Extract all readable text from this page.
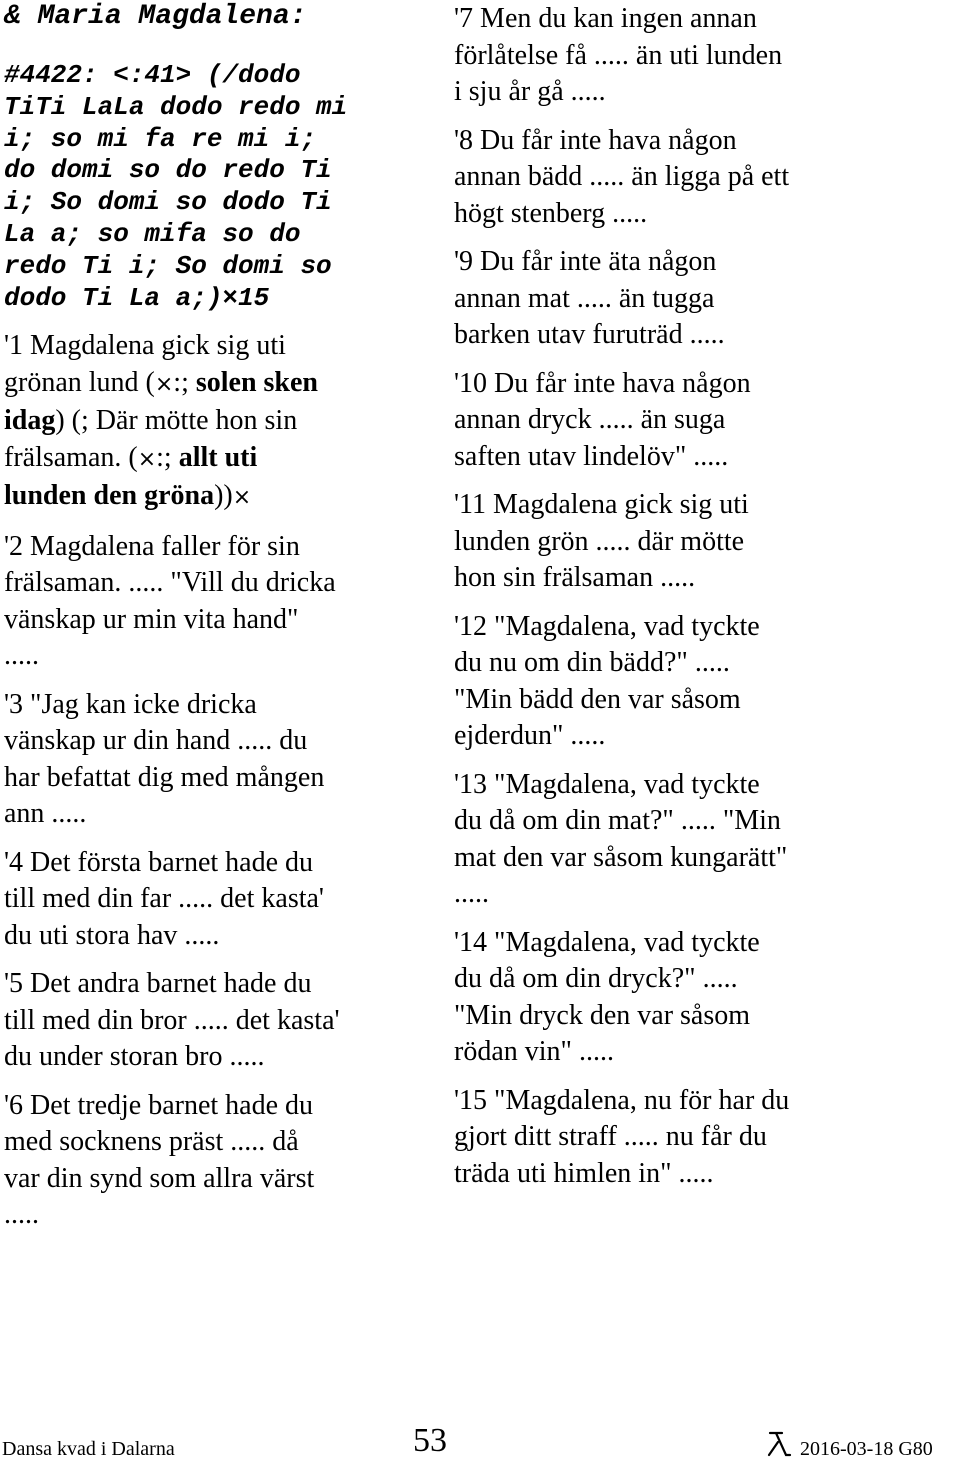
& Maria Magdalena:
#4422: <:41> (/dodo
TiTi LaLa dodo redo mi
i; so mi fa re mi i;
do domi so do redo Ti
i; So domi so dodo Ti
La a; so mifa so do
redo Ti i; So domi so
dodo Ti La a;)×15
'1 Magdalena gick sig uti
grönan lund (×:; solen sken
idag) (; Där mötte hon sin
frälsaman. (×:; allt uti
lunden den gröna))×
'2 Magdalena faller för sin
frälsaman. ..... "Vill du dricka
vänskap ur min vita hand"
.....
'3 "Jag kan icke dricka
vänskap ur din hand ..... du
har befattat dig med mången
ann .....
'4 Det första barnet hade du
till med din far ..... det kasta'
du uti stora hav .....
'5 Det andra barnet hade du
till med din bror ..... det kasta'
du under storan bro .....
'6 Det tredje barnet hade du
med socknens präst ..... då
var din synd som allra värst
.....
'7 Men du kan ingen annan
förlåtelse få ..... än uti lunden
i sju år gå .....
'8 Du får inte hava någon
annan bädd ..... än ligga på ett
högt stenberg .....
'9 Du får inte äta någon
annan mat ..... än tugga
barken utav furuträd .....
'10 Du får inte hava någon
annan dryck ..... än suga
saften utav lindelöv" .....
'11 Magdalena gick sig uti
lunden grön ..... där mötte
hon sin frälsaman .....
'12 "Magdalena, vad tyckte
du nu om din bädd?" .....
"Min bädd den var såsom
ejderdun" .....
'13 "Magdalena, vad tyckte
du då om din mat?" ..... "Min
mat den var såsom kungarätt"
.....
'14 "Magdalena, vad tyckte
du då om din dryck?" .....
"Min dryck den var såsom
rödan vin" .....
'15 "Magdalena, nu för har du
gjort ditt straff ..... nu får du
träda uti himlen in" .....
Dansa kvad i Dalarna	53	2016-03-18 G80
